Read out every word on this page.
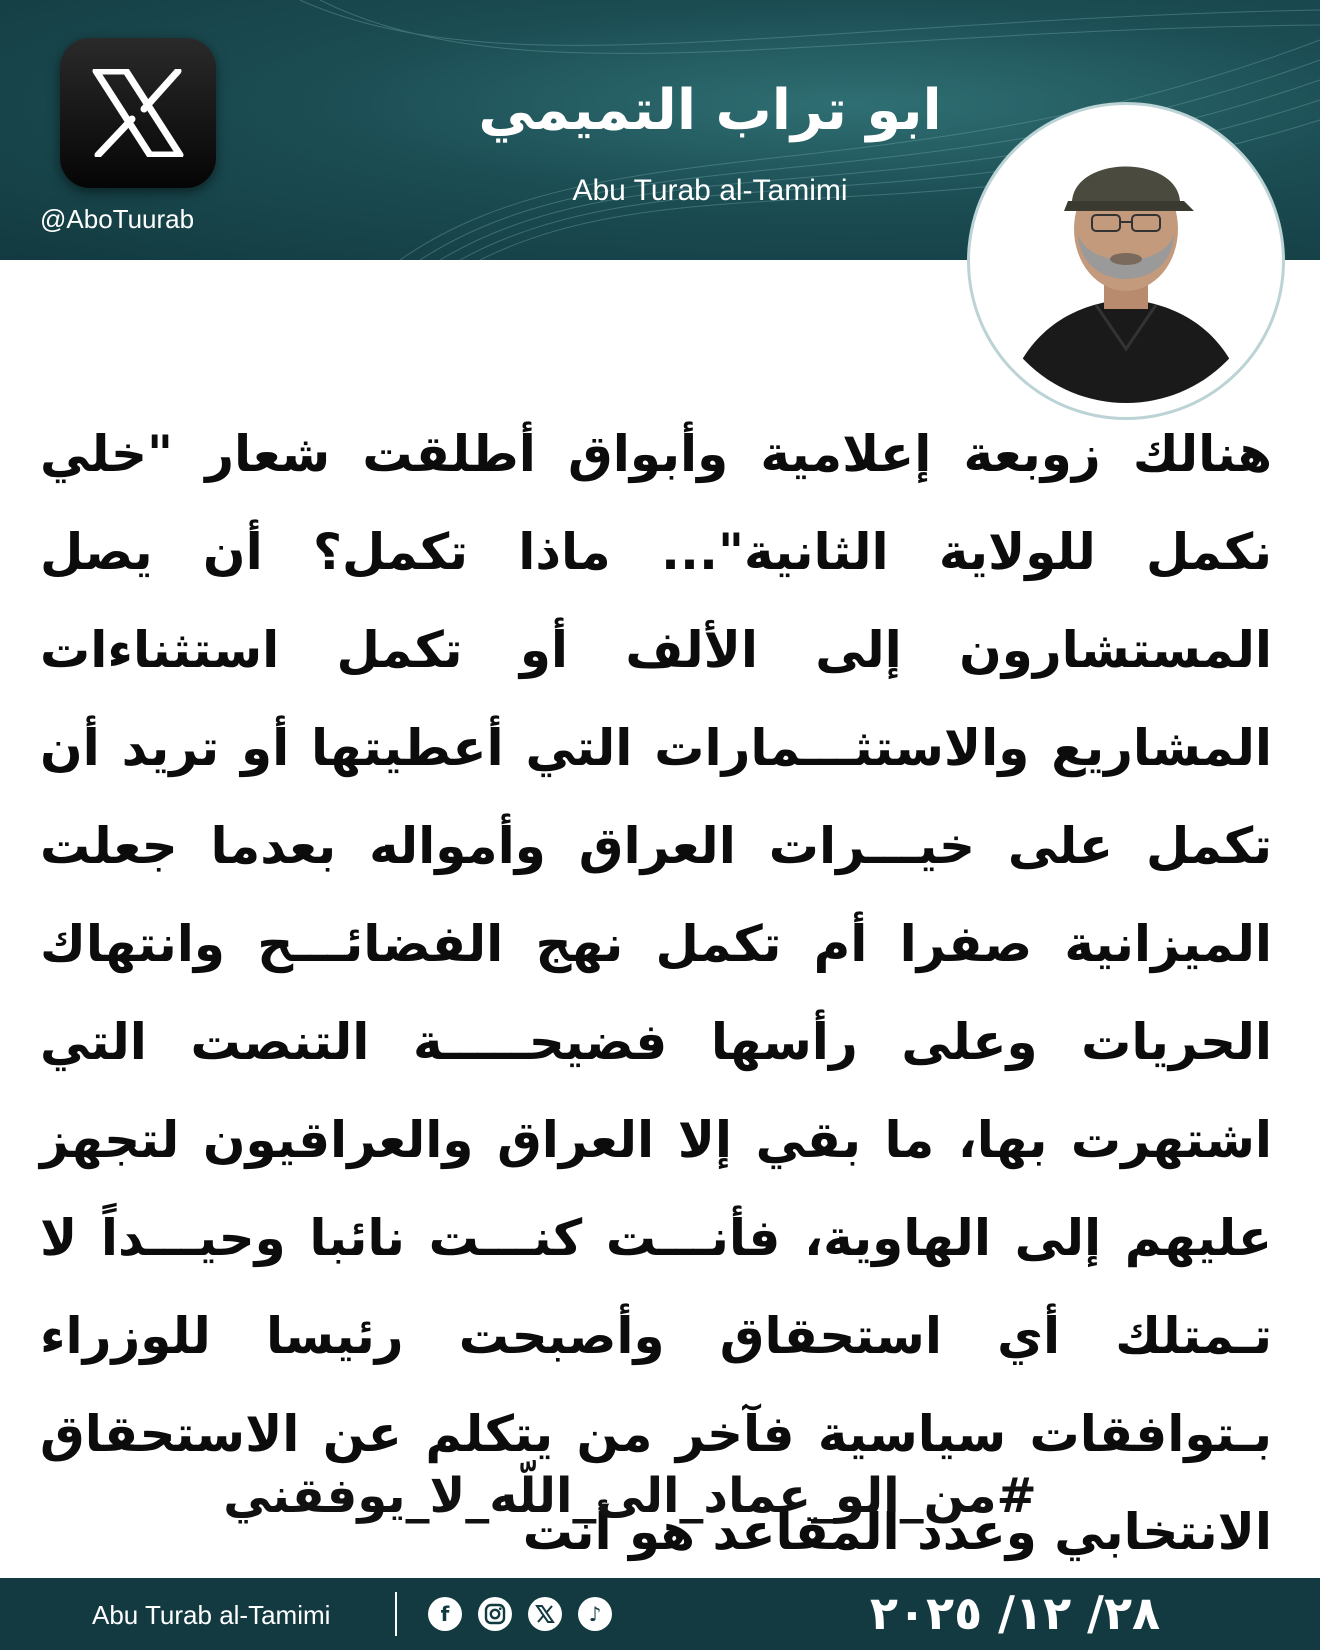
@AboTuurab
ابو تراب التميمي
Abu Turab al-Tamimi
هنالك زوبعة إعلامية وأبواق أطلقت شعار "خلي نكمل للولاية الثانية"... ماذا تكمل؟ أن يصل المستشارون إلى الألف أو تكمل استثناءات المشاريع والاستثـــمارات التي أعطيتها أو تريد أن تكمل على خيـــرات العراق وأمواله بعدما جعلت الميزانية صفرا أم تكمل نهج الفضائـــح وانتهاك الحريات وعلى رأسها فضيحـــــة التنصت التي اشتهرت بها، ما بقي إلا العراق والعراقيون لتجهز عليهم إلى الهاوية، فأنـــت كنـــت نائبا وحيـــداً لا تـمتلك أي استحقاق وأصبحت رئيسا للوزراء بـتوافقات سياسية فآخر من يتكلم عن الاستحقاق الانتخابي وعدد المقاعد هو أنت
#من_الو_عماد_الى_اللّه_لا_يوفقني
Abu Turab al-Tamimi	f	♪	٢٨/ ١٢/ ٢٠٢٥
